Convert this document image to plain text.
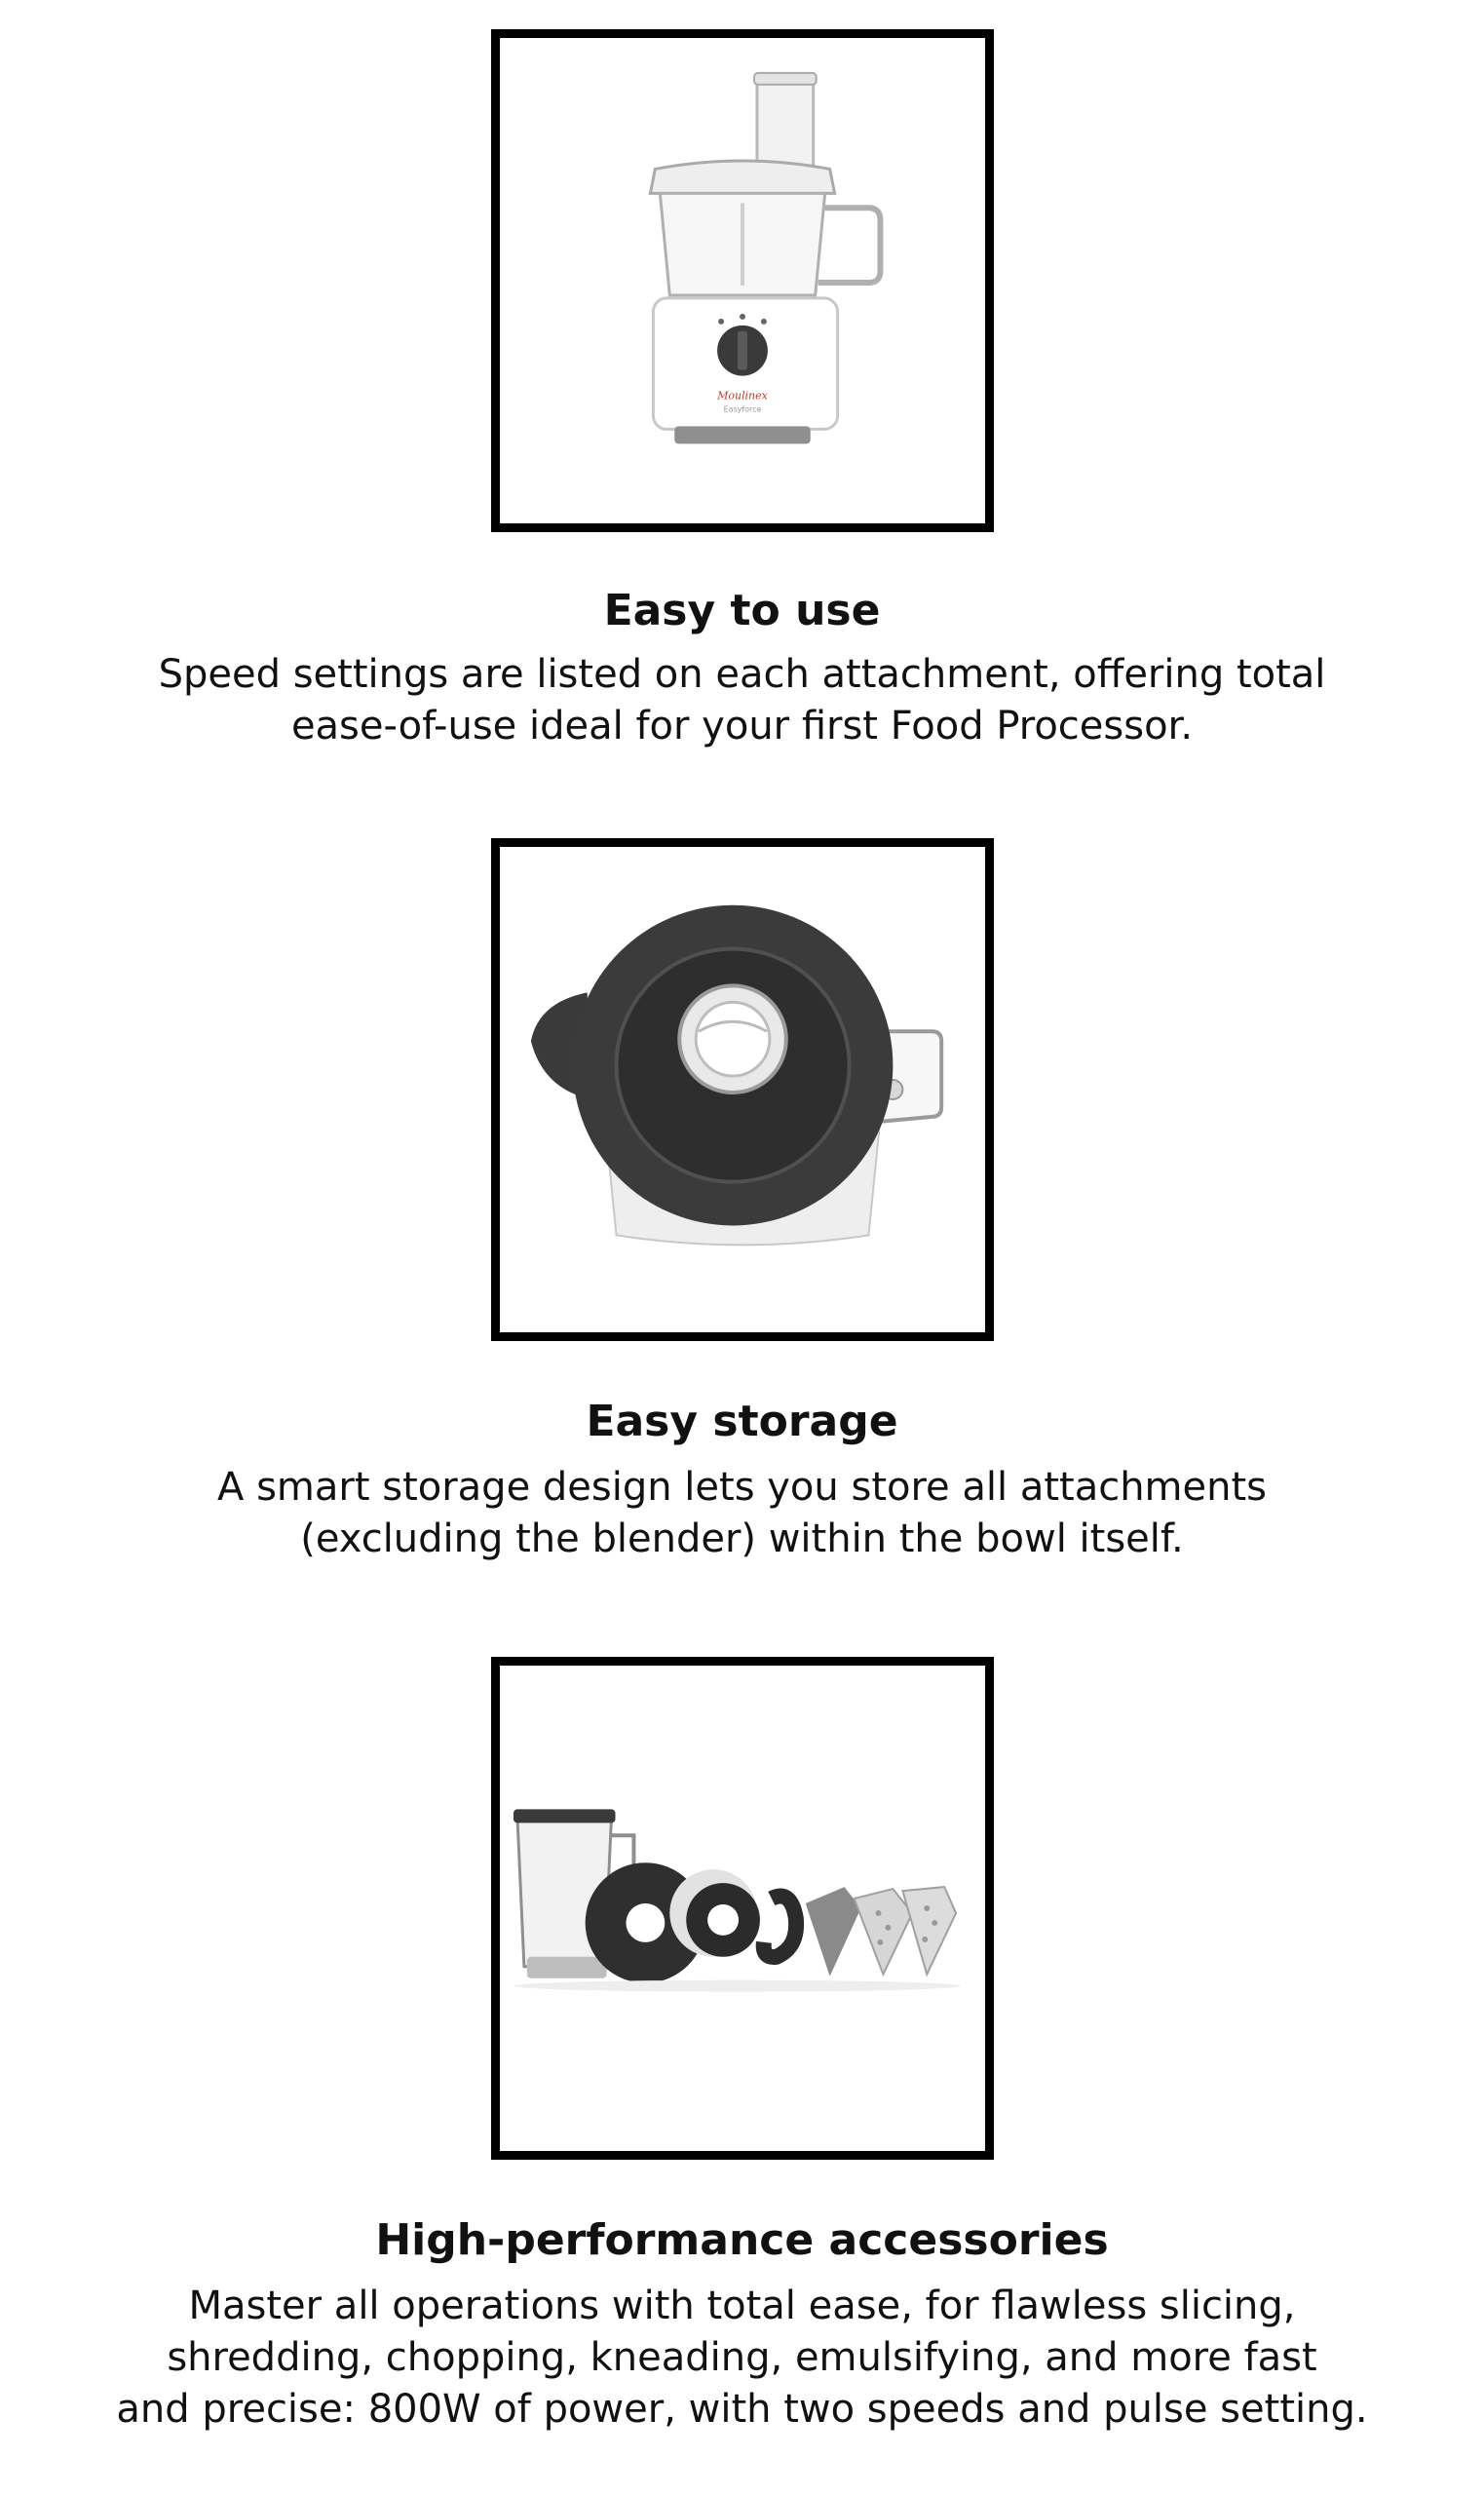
Moulinex
Easyforce
Easy to use

Speed settings are listed on each attachment, offering total

ease-of-use ideal for your first Food Processor.

Easy storage

A smart storage design lets you store all attachments

(excluding the blender) within the bowl itself.

High-performance accessories

Master all operations with total ease, for flawless slicing,

shredding, chopping, kneading, emulsifying, and more fast

and precise: 800W of power, with two speeds and pulse setting.
